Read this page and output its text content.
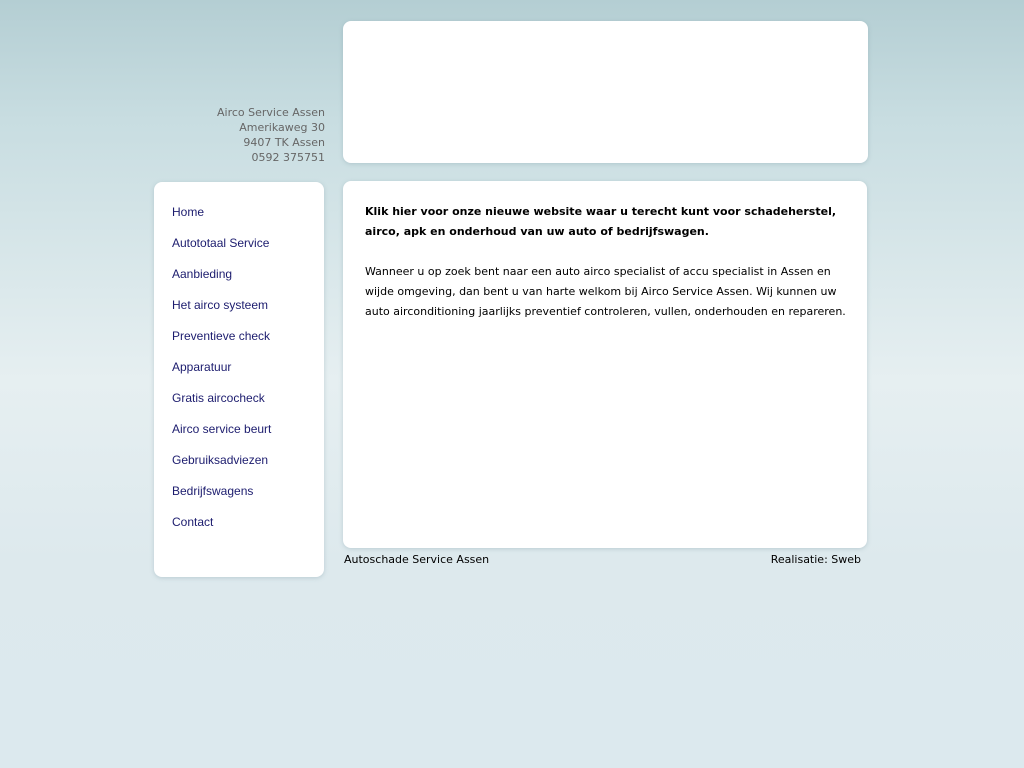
Airco Service Assen
Amerikaweg 30
9407 TK Assen
0592 375751
Home
Autototaal Service
Aanbieding
Het airco systeem
Preventieve check
Apparatuur
Gratis aircocheck
Airco service beurt
Gebruiksadviezen
Bedrijfswagens
Contact
Klik hier voor onze nieuwe website waar u terecht kunt voor schadeherstel, airco, apk en onderhoud van uw auto of bedrijfswagen.

Wanneer u op zoek bent naar een auto airco specialist of accu specialist in Assen en wijde omgeving, dan bent u van harte welkom bij Airco Service Assen. Wij kunnen uw auto airconditioning jaarlijks preventief controleren, vullen, onderhouden en repareren.

Autoschade Service Assen	Realisatie: Sweb
